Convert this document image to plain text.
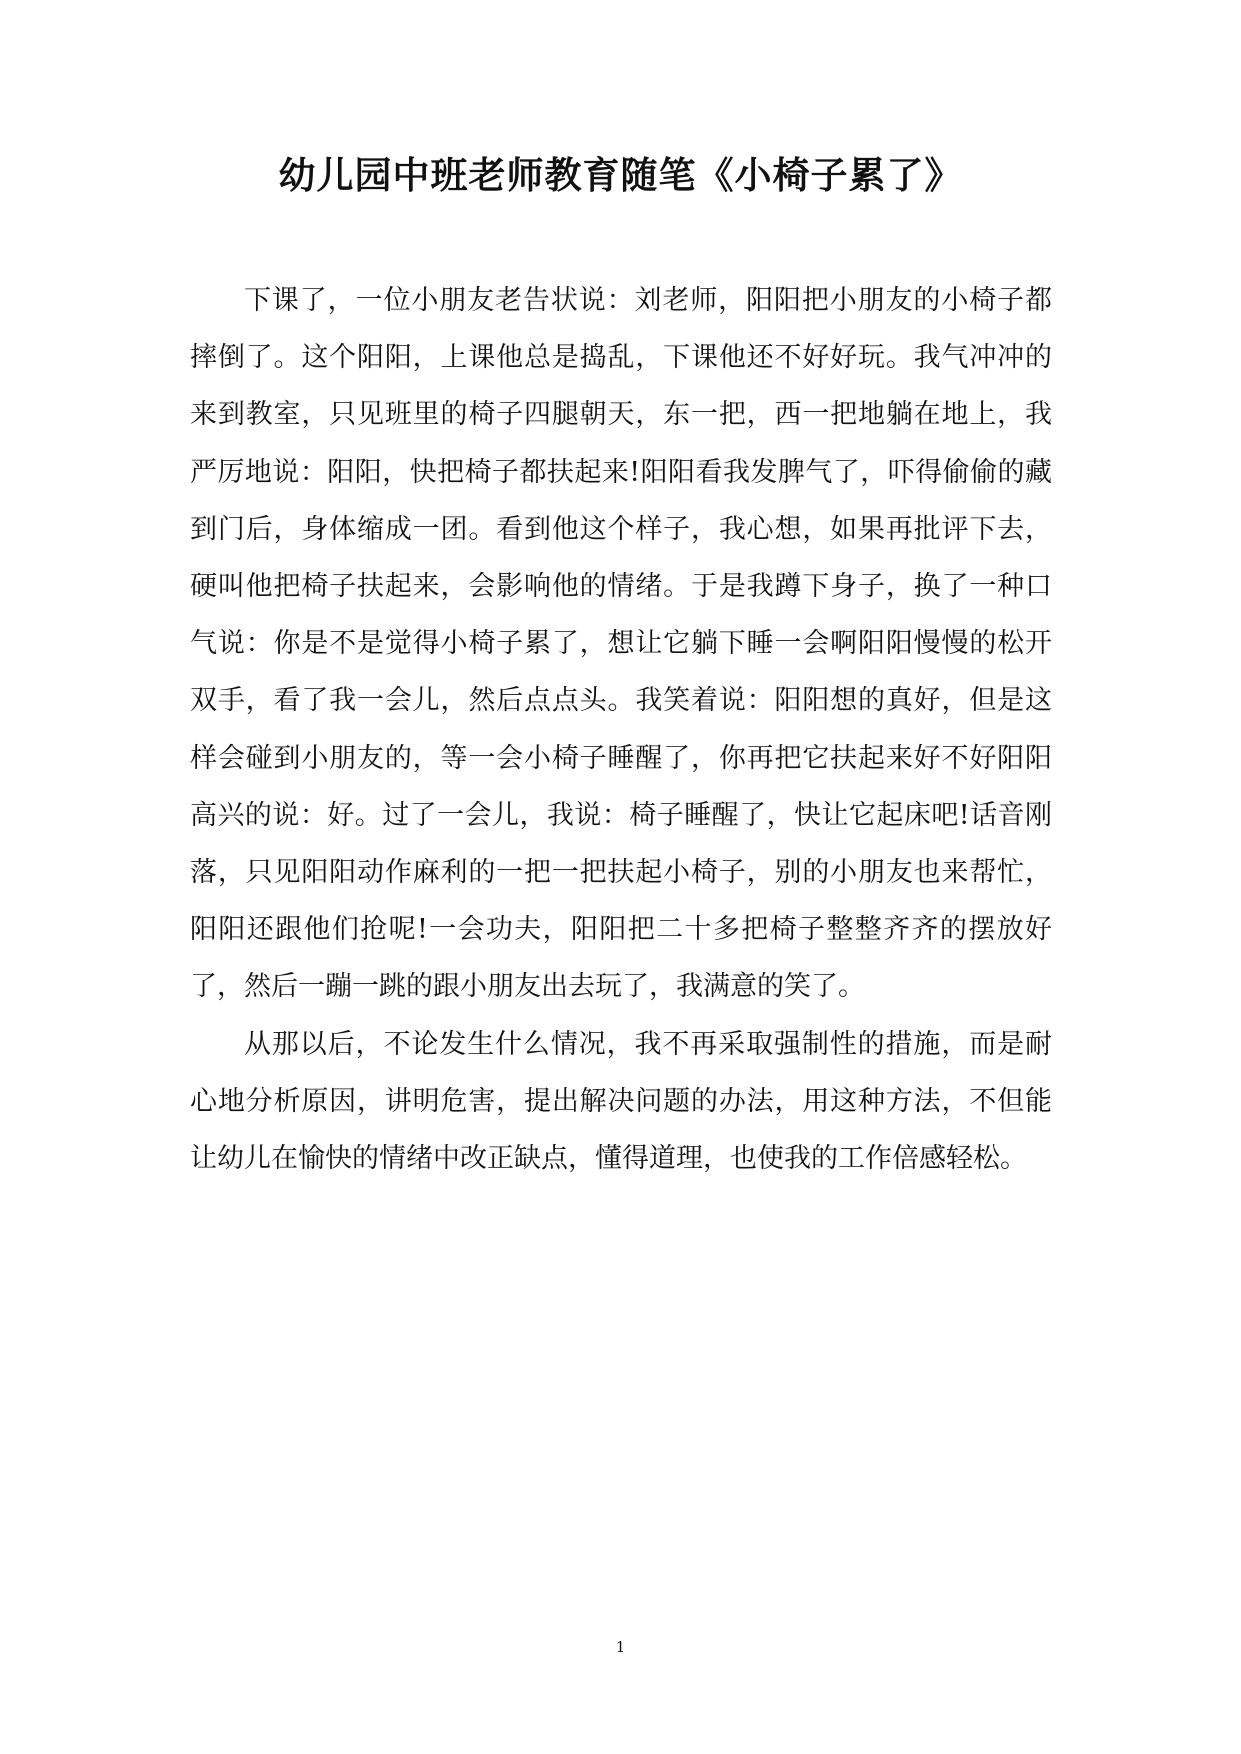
幼儿园中班老师教育随笔《小椅子累了》

下课了，一位小朋友老告状说：刘老师，阳阳把小朋友的小椅子都摔倒了。这个阳阳，上课他总是捣乱，下课他还不好好玩。我气冲冲的来到教室，只见班里的椅子四腿朝天，东一把，西一把地躺在地上，我严厉地说：阳阳，快把椅子都扶起来!阳阳看我发脾气了，吓得偷偷的藏到门后，身体缩成一团。看到他这个样子，我心想，如果再批评下去，硬叫他把椅子扶起来，会影响他的情绪。于是我蹲下身子，换了一种口气说：你是不是觉得小椅子累了，想让它躺下睡一会啊阳阳慢慢的松开双手，看了我一会儿，然后点点头。我笑着说：阳阳想的真好，但是这样会碰到小朋友的，等一会小椅子睡醒了，你再把它扶起来好不好阳阳高兴的说：好。过了一会儿，我说：椅子睡醒了，快让它起床吧!话音刚落，只见阳阳动作麻利的一把一把扶起小椅子，别的小朋友也来帮忙，阳阳还跟他们抢呢!一会功夫，阳阳把二十多把椅子整整齐齐的摆放好了，然后一蹦一跳的跟小朋友出去玩了，我满意的笑了。

从那以后，不论发生什么情况，我不再采取强制性的措施，而是耐心地分析原因，讲明危害，提出解决问题的办法，用这种方法，不但能让幼儿在愉快的情绪中改正缺点，懂得道理，也使我的工作倍感轻松。

1
